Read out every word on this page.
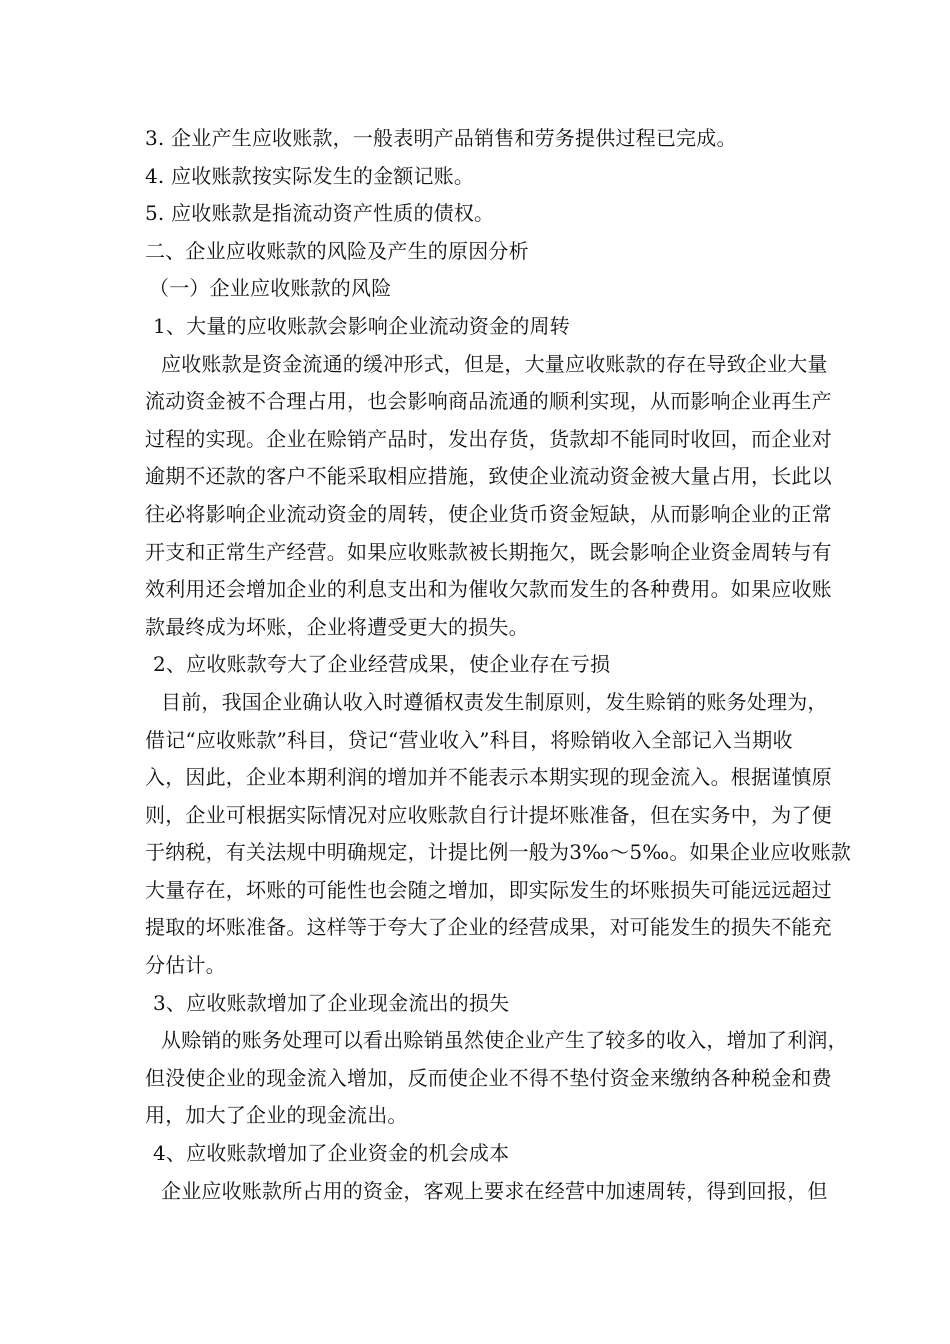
3. 企业产生应收账款，一般表明产品销售和劳务提供过程已完成。
4. 应收账款按实际发生的金额记账。
5. 应收账款是指流动资产性质的债权。
二、企业应收账款的风险及产生的原因分析
（一）企业应收账款的风险
1、大量的应收账款会影响企业流动资金的周转
应收账款是资金流通的缓冲形式，但是，大量应收账款的存在导致企业大量
流动资金被不合理占用，也会影响商品流通的顺利实现，从而影响企业再生产
过程的实现。企业在赊销产品时，发出存货，货款却不能同时收回，而企业对
逾期不还款的客户不能采取相应措施，致使企业流动资金被大量占用，长此以
往必将影响企业流动资金的周转，使企业货币资金短缺，从而影响企业的正常
开支和正常生产经营。如果应收账款被长期拖欠，既会影响企业资金周转与有
效利用还会增加企业的利息支出和为催收欠款而发生的各种费用。如果应收账
款最终成为坏账，企业将遭受更大的损失。
2、应收账款夸大了企业经营成果，使企业存在亏损
目前，我国企业确认收入时遵循权责发生制原则，发生赊销的账务处理为，
借记“应收账款”科目，贷记“营业收入”科目，将赊销收入全部记入当期收
入，因此，企业本期利润的增加并不能表示本期实现的现金流入。根据谨慎原
则，企业可根据实际情况对应收账款自行计提坏账准备，但在实务中，为了便
于纳税，有关法规中明确规定，计提比例一般为3‰～5‰。如果企业应收账款
大量存在，坏账的可能性也会随之增加，即实际发生的坏账损失可能远远超过
提取的坏账准备。这样等于夸大了企业的经营成果，对可能发生的损失不能充
分估计。
3、应收账款增加了企业现金流出的损失
从赊销的账务处理可以看出赊销虽然使企业产生了较多的收入，增加了利润，
但没使企业的现金流入增加，反而使企业不得不垫付资金来缴纳各种税金和费
用，加大了企业的现金流出。
4、应收账款增加了企业资金的机会成本
企业应收账款所占用的资金，客观上要求在经营中加速周转，得到回报，但
